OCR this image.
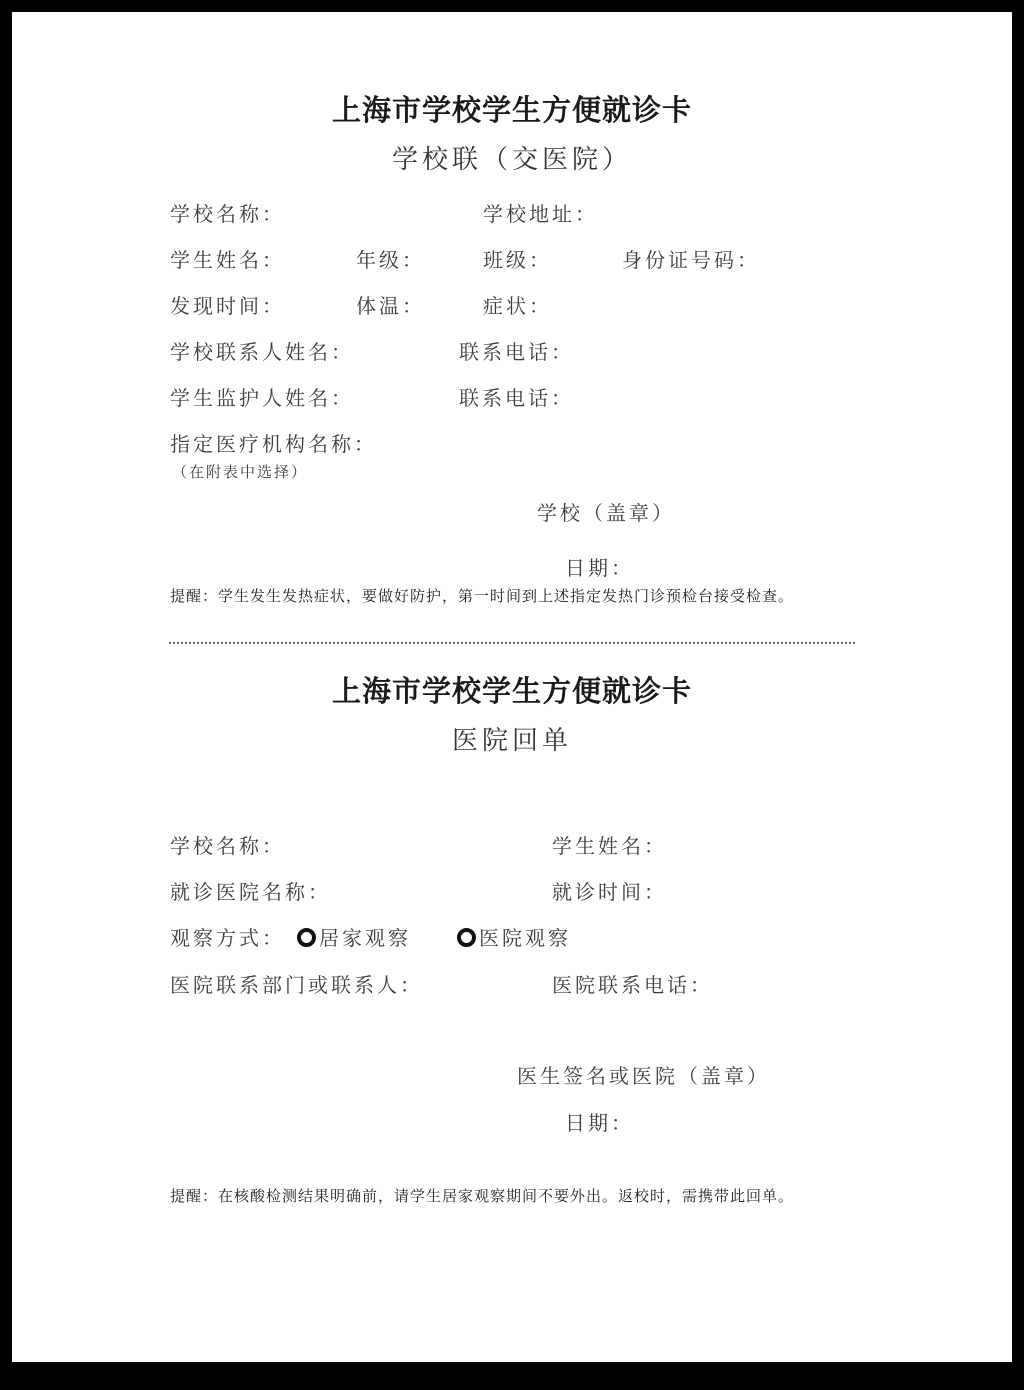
上海市学校学生方便就诊卡
学校联（交医院）
学校名称：	学校地址：
学生姓名：	年级：	班级：	身份证号码：
发现时间：	体温：	症状：
学校联系人姓名：	联系电话：
学生监护人姓名：	联系电话：
指定医疗机构名称：
（在附表中选择）
学校（盖章）
日期：
提醒：学生发生发热症状，要做好防护，第一时间到上述指定发热门诊预检台接受检查。
上海市学校学生方便就诊卡
医院回单
学校名称：	学生姓名：
就诊医院名称：	就诊时间：
观察方式：	居家观察	医院观察
医院联系部门或联系人：	医院联系电话：
医生签名或医院（盖章）
日期：
提醒：在核酸检测结果明确前，请学生居家观察期间不要外出。返校时，需携带此回单。
